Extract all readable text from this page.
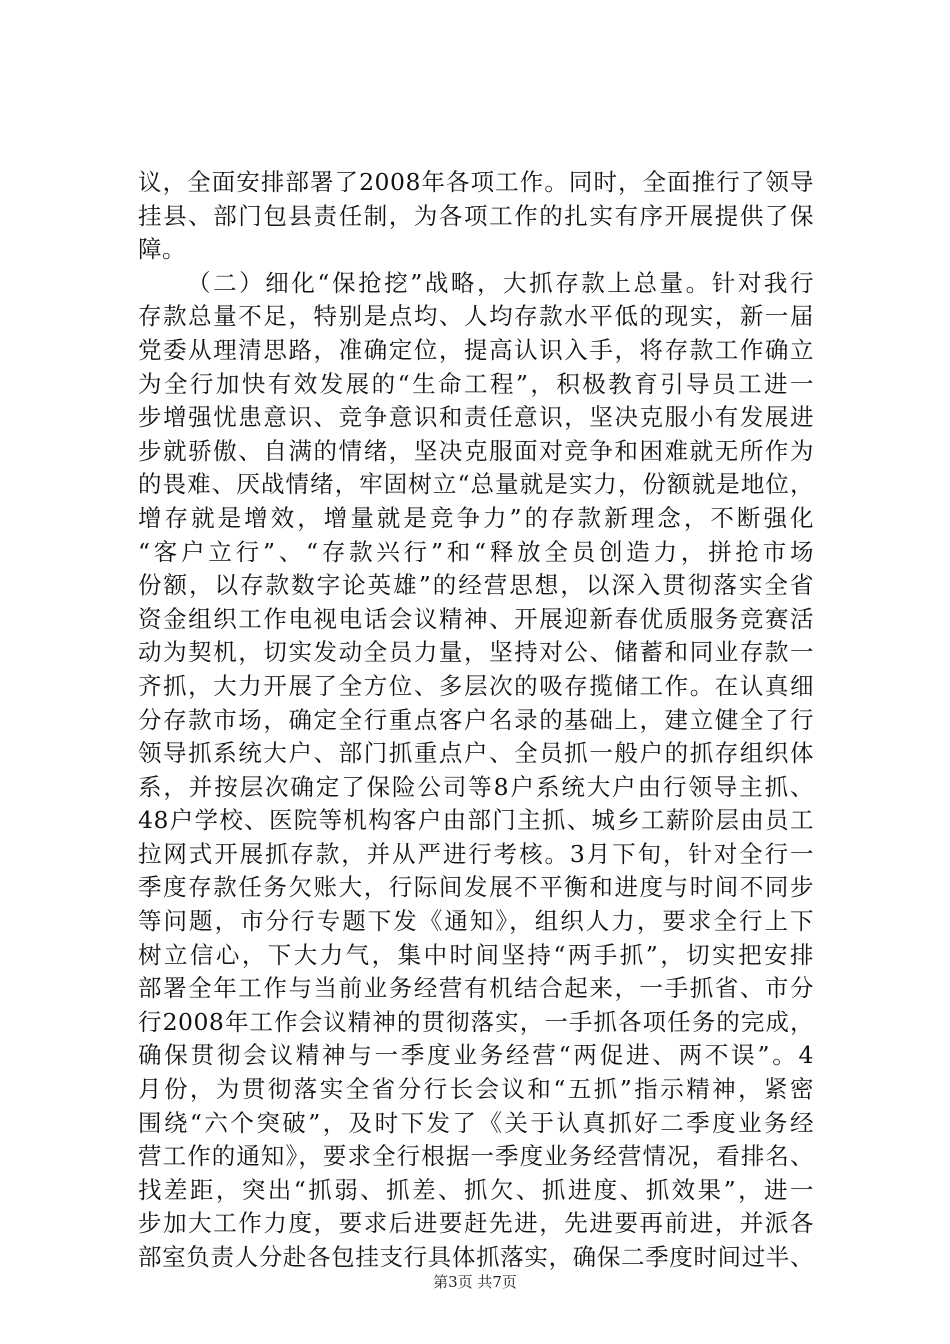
议，全面安排部署了2008年各项工作。同时，全面推行了领导
挂县、部门包县责任制，为各项工作的扎实有序开展提供了保
障。
（二）细化“保抢挖”战略，大抓存款上总量。针对我行
存款总量不足，特别是点均、人均存款水平低的现实，新一届
党委从理清思路，准确定位，提高认识入手，将存款工作确立
为全行加快有效发展的“生命工程”，积极教育引导员工进一
步增强忧患意识、竞争意识和责任意识，坚决克服小有发展进
步就骄傲、自满的情绪，坚决克服面对竞争和困难就无所作为
的畏难、厌战情绪，牢固树立“总量就是实力，份额就是地位，
增存就是增效，增量就是竞争力”的存款新理念，不断强化
“客户立行”、“存款兴行”和“释放全员创造力，拼抢市场
份额，以存款数字论英雄”的经营思想，以深入贯彻落实全省
资金组织工作电视电话会议精神、开展迎新春优质服务竞赛活
动为契机，切实发动全员力量，坚持对公、储蓄和同业存款一
齐抓，大力开展了全方位、多层次的吸存揽储工作。在认真细
分存款市场，确定全行重点客户名录的基础上，建立健全了行
领导抓系统大户、部门抓重点户、全员抓一般户的抓存组织体
系，并按层次确定了保险公司等8户系统大户由行领导主抓、
48户学校、医院等机构客户由部门主抓、城乡工薪阶层由员工
拉网式开展抓存款，并从严进行考核。3月下旬，针对全行一
季度存款任务欠账大，行际间发展不平衡和进度与时间不同步
等问题，市分行专题下发《通知》，组织人力，要求全行上下
树立信心，下大力气，集中时间坚持“两手抓”，切实把安排
部署全年工作与当前业务经营有机结合起来，一手抓省、市分
行2008年工作会议精神的贯彻落实，一手抓各项任务的完成，
确保贯彻会议精神与一季度业务经营“两促进、两不误”。4
月份，为贯彻落实全省分行长会议和“五抓”指示精神，紧密
围绕“六个突破”，及时下发了《关于认真抓好二季度业务经
营工作的通知》，要求全行根据一季度业务经营情况，看排名、
找差距，突出“抓弱、抓差、抓欠、抓进度、抓效果”，进一
步加大工作力度，要求后进要赶先进，先进要再前进，并派各
部室负责人分赴各包挂支行具体抓落实，确保二季度时间过半、
第3页 共7页
